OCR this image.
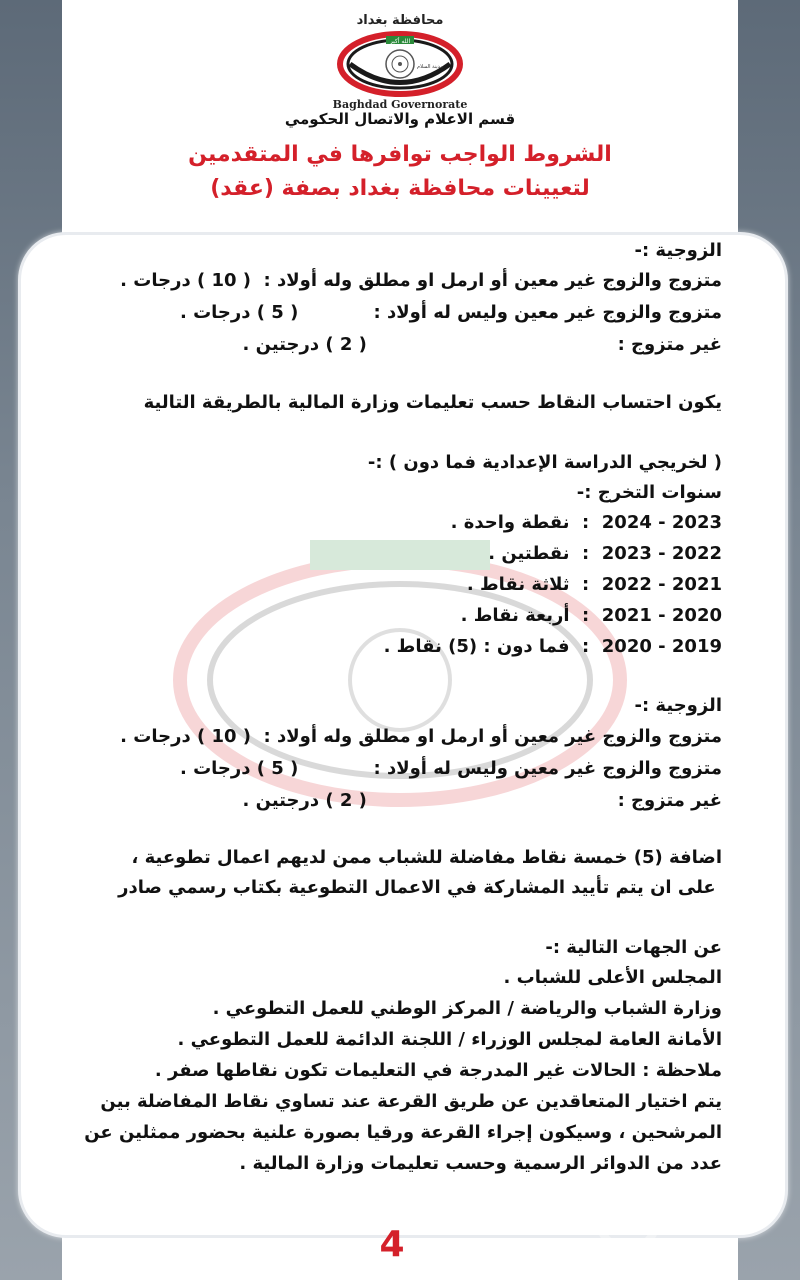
محافظة بغداد
الله أكبر
مدينة السلام
Baghdad Governorate
قسم الاعلام والاتصال الحكومي
الشروط الواجب توافرها في المتقدمين
لتعيينات محافظة بغداد بصفة (عقد)
الزوجية :-
متزوج والزوج غير معين أو ارمل او مطلق وله أولاد :  ( 10 ) درجات .
متزوج والزوج غير معين وليس له أولاد :            ( 5 ) درجات .
غير متزوج :                                        ( 2 ) درجتين .
يكون احتساب النقاط حسب تعليمات وزارة المالية بالطريقة التالية
( لخريجي الدراسة الإعدادية فما دون ) :-
سنوات التخرج :-
2023 - 2024  :  نقطة واحدة .
2022 - 2023  :  نقطتين .
2021 - 2022  :  ثلاثة نقاط .
2020 - 2021  :  أربعة نقاط .
2019 - 2020  :  فما دون : (5) نقاط .
الزوجية :-
متزوج والزوج غير معين أو ارمل او مطلق وله أولاد :  ( 10 ) درجات .
متزوج والزوج غير معين وليس له أولاد :            ( 5 ) درجات .
غير متزوج :                                        ( 2 ) درجتين .
اضافة (5) خمسة نقاط مفاضلة للشباب ممن لديهم اعمال تطوعية ،
على ان يتم تأييد المشاركة في الاعمال التطوعية بكتاب رسمي صادر
عن الجهات التالية :-
المجلس الأعلى للشباب .
وزارة الشباب والرياضة / المركز الوطني للعمل التطوعي .
الأمانة العامة لمجلس الوزراء / اللجنة الدائمة للعمل التطوعي .
ملاحظة : الحالات غير المدرجة في التعليمات تكون نقاطها صفر .
يتم اختيار المتعاقدين عن طريق القرعة عند تساوي نقاط المفاضلة بين
المرشحين ، وسيكون إجراء القرعة ورقيا بصورة علنية بحضور ممثلين عن
عدد من الدوائر الرسمية وحسب تعليمات وزارة المالية .
4
IQ NEWS
